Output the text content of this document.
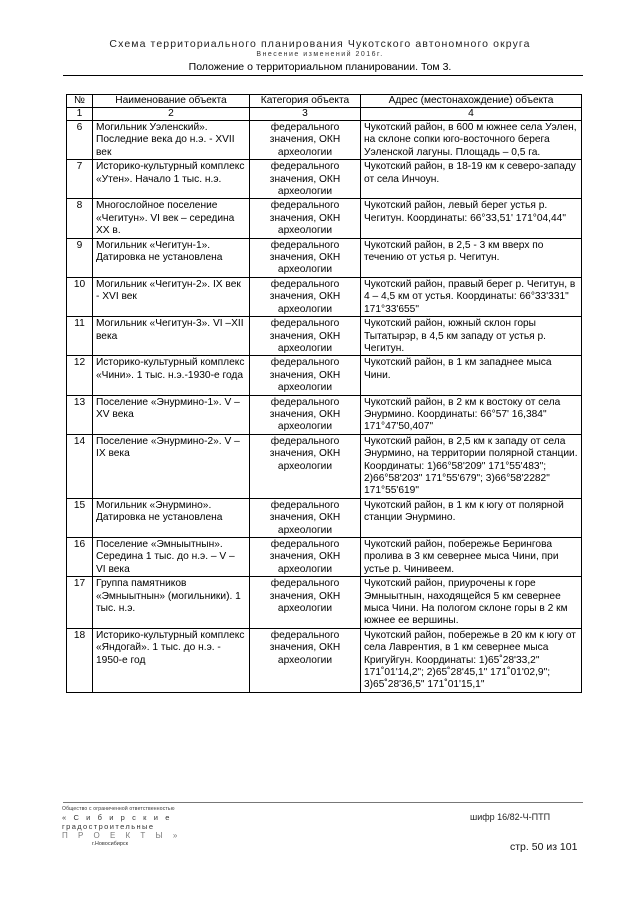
Схема территориального планирования Чукотского автономного округа
Внесение изменений 2016г.
Положение о территориальном планировании. Том 3.
№	Наименование объекта	Категория объекта	Адрес (местонахождение) объекта
1	2	3	4
6	Могильник Уэленский». Последние века до н.э. - XVII век	федерального значения, ОКН археологии	Чукотский район, в 600 м южнее села Уэлен, на склоне сопки юго-восточного берега Уэленской лагуны. Площадь – 0,5 га.
7	Историко-культурный комплекс «Утен». Начало 1 тыс. н.э.	федерального значения, ОКН археологии	Чукотский район, в 18-19 км к северо-западу от села Инчоун.
8	Многослойное поселение «Чегитун». VI век – середина XX в.	федерального значения, ОКН археологии	Чукотский район, левый берег устья р. Чегитун. Координаты: 66°33,51' 171°04,44"
9	Могильник «Чегитун-1». Датировка не установлена	федерального значения, ОКН археологии	Чукотский район, в 2,5 - 3 км вверх по течению от устья р. Чегитун.
10	Могильник «Чегитун-2». IX век - XVI век	федерального значения, ОКН археологии	Чукотский район, правый берег р. Чегитун, в 4 – 4,5 км от устья. Координаты: 66°33'331" 171°33'655"
11	Могильник «Чегитун-3». VI –XII века	федерального значения, ОКН археологии	Чукотский район, южный склон горы Тытатырэр, в 4,5 км западу от устья р. Чегитун.
12	Историко-культурный комплекс «Чини». 1 тыс. н.э.-1930-е года	федерального значения, ОКН археологии	Чукотский район, в 1 км западнее мыса Чини.
13	Поселение «Энурмино-1». V –XV века	федерального значения, ОКН археологии	Чукотский район, в 2 км к востоку от села Энурмино. Координаты: 66°57' 16,384" 171°47'50,407"
14	Поселение «Энурмино-2». V – IX века	федерального значения, ОКН археологии	Чукотский район, в 2,5 км к западу от села Энурмино, на территории полярной станции. Координаты: 1)66°58'209" 171°55'483"; 2)66°58'203" 171°55'679"; 3)66°58'2282" 171°55'619"
15	Могильник «Энурмино». Датировка не установлена	федерального значения, ОКН археологии	Чукотский район, в 1 км к югу от полярной станции Энурмино.
16	Поселение «Эмныытнын». Середина 1 тыс. до н.э. – V – VI века	федерального значения, ОКН археологии	Чукотский район, побережье Берингова пролива в 3 км севернее мыса Чини, при устье р. Чинивеем.
17	Группа памятников «Эмныытнын» (могильники). 1 тыс. н.э.	федерального значения, ОКН археологии	Чукотский район, приурочены к горе Эмныытнын, находящейся 5 км севернее мыса Чини. На пологом склоне горы в 2 км южнее ее вершины.
18	Историко-культурный комплекс «Яндогай». 1 тыс. до н.э. - 1950-е год	федерального значения, ОКН археологии	Чукотский район, побережье в 20 км к югу от села Лаврентия, в 1 км севернее мыса Кригуйгун. Координаты: 1)65˚28'33,2" 171˚01'14,2"; 2)65˚28'45,1" 171˚01'02,9"; 3)65˚28'36,5" 171˚01'15,1"
Общество с ограниченной ответственностью
« С и б и р с к и е
градостроительные
П Р О Е К Т Ы »
г.Новосибирск
шифр 16/82-Ч-ПТП
стр. 50 из 101
